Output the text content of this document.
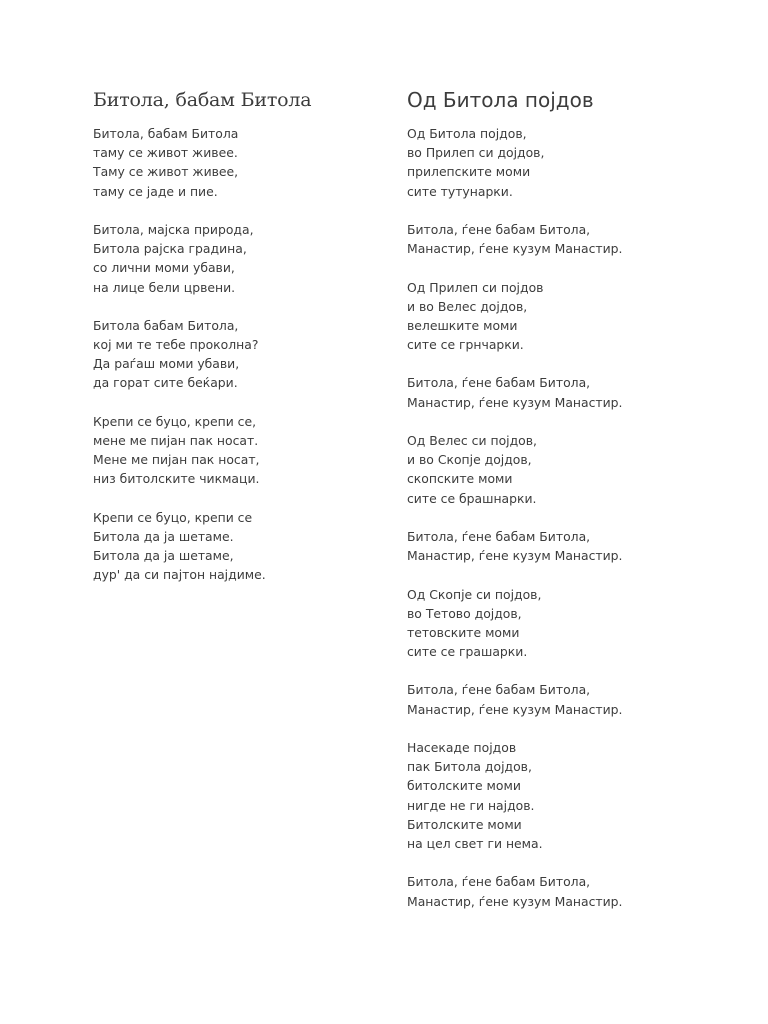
Битола, бабам Битола
Битола, бабам Битола
таму се живот живее.
Таму се живот живее,
таму се јаде и пие.
Битола, мајска природа,
Битола рајска градина,
со лични моми убави,
на лице бели црвени.
Битола бабам Битола,
кој ми те тебе проколна?
Да раѓаш моми убави,
да горат сите беќари.
Крепи се буцо, крепи се,
мене ме пијан пак носат.
Мене ме пијан пак носат,
низ битолските чикмаци.
Крепи се буцо, крепи се
Битола да ја шетаме.
Битола да ја шетаме,
дур' да си пајтон најдиме.
Од Битола појдов
Од Битола појдов,
во Прилеп си дојдов,
прилепските моми
сите тутунарки.
Битола, ѓене бабам Битола,
Манастир, ѓене кузум Манастир.
Од Прилеп си појдов
и во Велес дојдов,
велешките моми
сите се грнчарки.
Битола, ѓене бабам Битола,
Манастир, ѓене кузум Манастир.
Од Велес си појдов,
и во Скопје дојдов,
скопските моми
сите се брашнарки.
Битола, ѓене бабам Битола,
Манастир, ѓене кузум Манастир.
Од Скопје си појдов,
во Тетово дојдов,
тетовските моми
сите се грашарки.
Битола, ѓене бабам Битола,
Манастир, ѓене кузум Манастир.
Насекаде појдов
пак Битола дојдов,
битолските моми
нигде не ги најдов.
Битолските моми
на цел свет ги нема.
Битола, ѓене бабам Битола,
Манастир, ѓене кузум Манастир.
